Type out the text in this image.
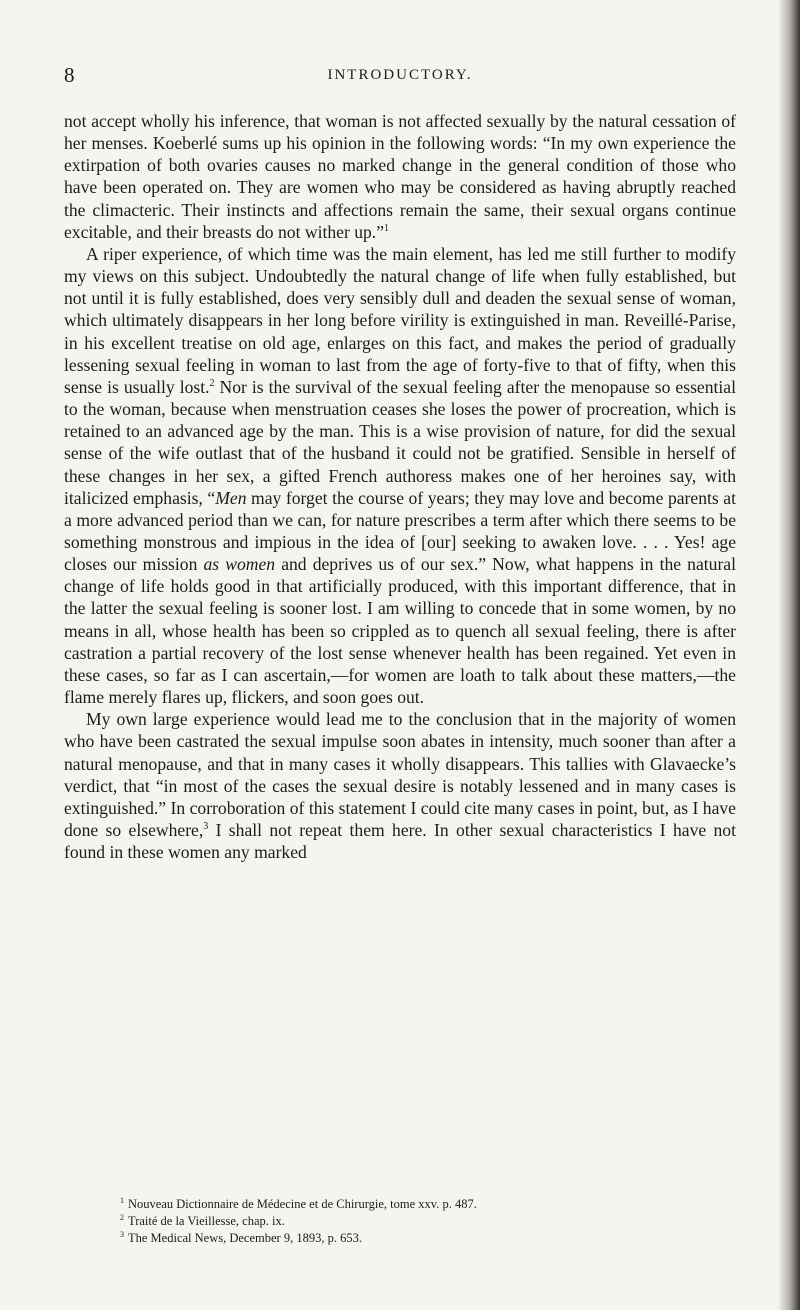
8	INTRODUCTORY.

not accept wholly his inference, that woman is not affected sexually by the natural cessation of her menses. Koeberlé sums up his opinion in the following words: “In my own experience the extirpation of both ovaries causes no marked change in the general condition of those who have been operated on. They are women who may be considered as having abruptly reached the climacteric. Their instincts and affections remain the same, their sexual organs continue excitable, and their breasts do not wither up.”$^1$

A riper experience, of which time was the main element, has led me still further to modify my views on this subject. Undoubtedly the natural change of life when fully established, but not until it is fully established, does very sensibly dull and deaden the sexual sense of woman, which ultimately disappears in her long before virility is extinguished in man. Reveillé-Parise, in his excellent treatise on old age, enlarges on this fact, and makes the period of gradually lessening sexual feeling in woman to last from the age of forty-five to that of fifty, when this sense is usually lost.$^2$ Nor is the survival of the sexual feeling after the menopause so essential to the woman, because when menstruation ceases she loses the power of procreation, which is retained to an advanced age by the man. This is a wise provision of nature, for did the sexual sense of the wife outlast that of the husband it could not be gratified. Sensible in herself of these changes in her sex, a gifted French authoress makes one of her heroines say, with italicized emphasis, “Men may forget the course of years; they may love and become parents at a more advanced period than we can, for nature prescribes a term after which there seems to be something monstrous and impious in the idea of [our] seeking to awaken love. . . . Yes! age closes our mission as women and deprives us of our sex.” Now, what happens in the natural change of life holds good in that artificially produced, with this important difference, that in the latter the sexual feeling is sooner lost. I am willing to concede that in some women, by no means in all, whose health has been so crippled as to quench all sexual feeling, there is after castration a partial recovery of the lost sense whenever health has been regained. Yet even in these cases, so far as I can ascertain,—for women are loath to talk about these matters,—the flame merely flares up, flickers, and soon goes out.

My own large experience would lead me to the conclusion that in the majority of women who have been castrated the sexual impulse soon abates in intensity, much sooner than after a natural menopause, and that in many cases it wholly disappears. This tallies with Glavaecke’s verdict, that “in most of the cases the sexual desire is notably lessened and in many cases is extinguished.” In corroboration of this statement I could cite many cases in point, but, as I have done so elsewhere,$^3$ I shall not repeat them here. In other sexual characteristics I have not found in these women any marked

$^1$ Nouveau Dictionnaire de Médecine et de Chirurgie, tome xxv. p. 487.
$^2$ Traité de la Vieillesse, chap. ix.
$^3$ The Medical News, December 9, 1893, p. 653.
